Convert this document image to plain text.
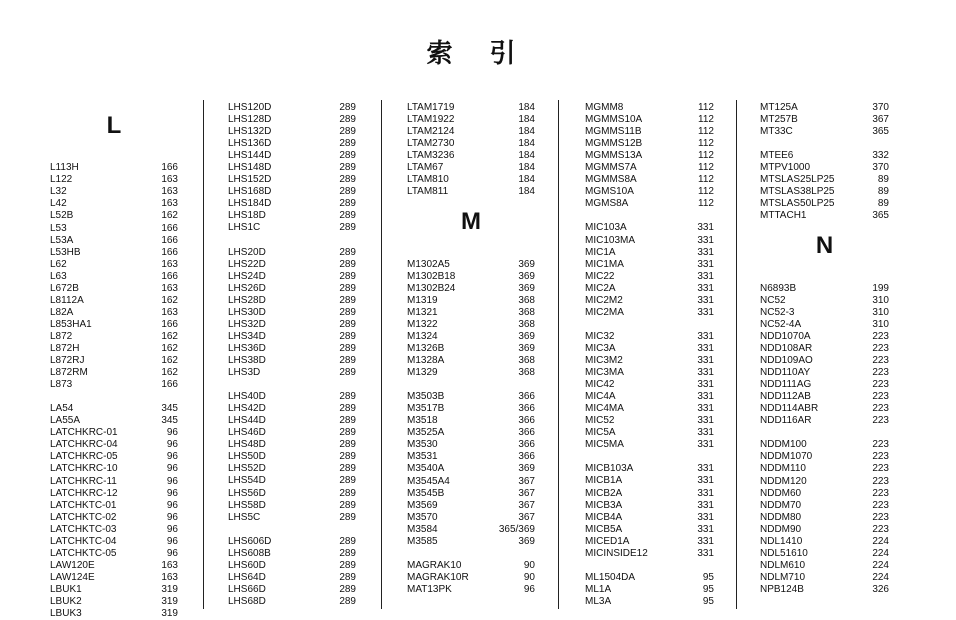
索 引
L
L113H	166
L122	163
L32	163
L42	163
L52B	162
L53	166
L53A	166
L53HB	166
L62	163
L63	166
L672B	163
L8112A	162
L82A	163
L853HA1	166
L872	162
L872H	162
L872RJ	162
L872RM	162
L873	166
LA54	345
LA55A	345
LATCHKRC-01	96
LATCHKRC-04	96
LATCHKRC-05	96
LATCHKRC-10	96
LATCHKRC-11	96
LATCHKRC-12	96
LATCHKTC-01	96
LATCHKTC-02	96
LATCHKTC-03	96
LATCHKTC-04	96
LATCHKTC-05	96
LAW120E	163
LAW124E	163
LBUK1	319
LBUK2	319
LBUK3	319
LHS120D	289
LHS128D	289
LHS132D	289
LHS136D	289
LHS144D	289
LHS148D	289
LHS152D	289
LHS168D	289
LHS184D	289
LHS18D	289
LHS1C	289
LHS20D	289
LHS22D	289
LHS24D	289
LHS26D	289
LHS28D	289
LHS30D	289
LHS32D	289
LHS34D	289
LHS36D	289
LHS38D	289
LHS3D	289
LHS40D	289
LHS42D	289
LHS44D	289
LHS46D	289
LHS48D	289
LHS50D	289
LHS52D	289
LHS54D	289
LHS56D	289
LHS58D	289
LHS5C	289
LHS606D	289
LHS608B	289
LHS60D	289
LHS64D	289
LHS66D	289
LHS68D	289
LTAM1719	184
LTAM1922	184
LTAM2124	184
LTAM2730	184
LTAM3236	184
LTAM67	184
LTAM810	184
LTAM811	184
M
M1302A5	369
M1302B18	369
M1302B24	369
M1319	368
M1321	368
M1322	368
M1324	369
M1326B	369
M1328A	368
M1329	368
M3503B	366
M3517B	366
M3518	366
M3525A	366
M3530	366
M3531	366
M3540A	369
M3545A4	367
M3545B	367
M3569	367
M3570	367
M3584	365/369
M3585	369
MAGRAK10	90
MAGRAK10R	90
MAT13PK	96
MGMM8	112
MGMMS10A	112
MGMMS11B	112
MGMMS12B	112
MGMMS13A	112
MGMMS7A	112
MGMMS8A	112
MGMS10A	112
MGMS8A	112
MIC103A	331
MIC103MA	331
MIC1A	331
MIC1MA	331
MIC22	331
MIC2A	331
MIC2M2	331
MIC2MA	331
MIC32	331
MIC3A	331
MIC3M2	331
MIC3MA	331
MIC42	331
MIC4A	331
MIC4MA	331
MIC52	331
MIC5A	331
MIC5MA	331
MICB103A	331
MICB1A	331
MICB2A	331
MICB3A	331
MICB4A	331
MICB5A	331
MICED1A	331
MICINSIDE12	331
ML1504DA	95
ML1A	95
ML3A	95
MT125A	370
MT257B	367
MT33C	365
MTEE6	332
MTPV1000	370
MTSLAS25LP25	89
MTSLAS38LP25	89
MTSLAS50LP25	89
MTTACH1	365
N
N6893B	199
NC52	310
NC52-3	310
NC52-4A	310
NDD1070A	223
NDD108AR	223
NDD109AO	223
NDD110AY	223
NDD111AG	223
NDD112AB	223
NDD114ABR	223
NDD116AR	223
NDDM100	223
NDDM1070	223
NDDM110	223
NDDM120	223
NDDM60	223
NDDM70	223
NDDM80	223
NDDM90	223
NDL1410	224
NDL51610	224
NDLM610	224
NDLM710	224
NPB124B	326
